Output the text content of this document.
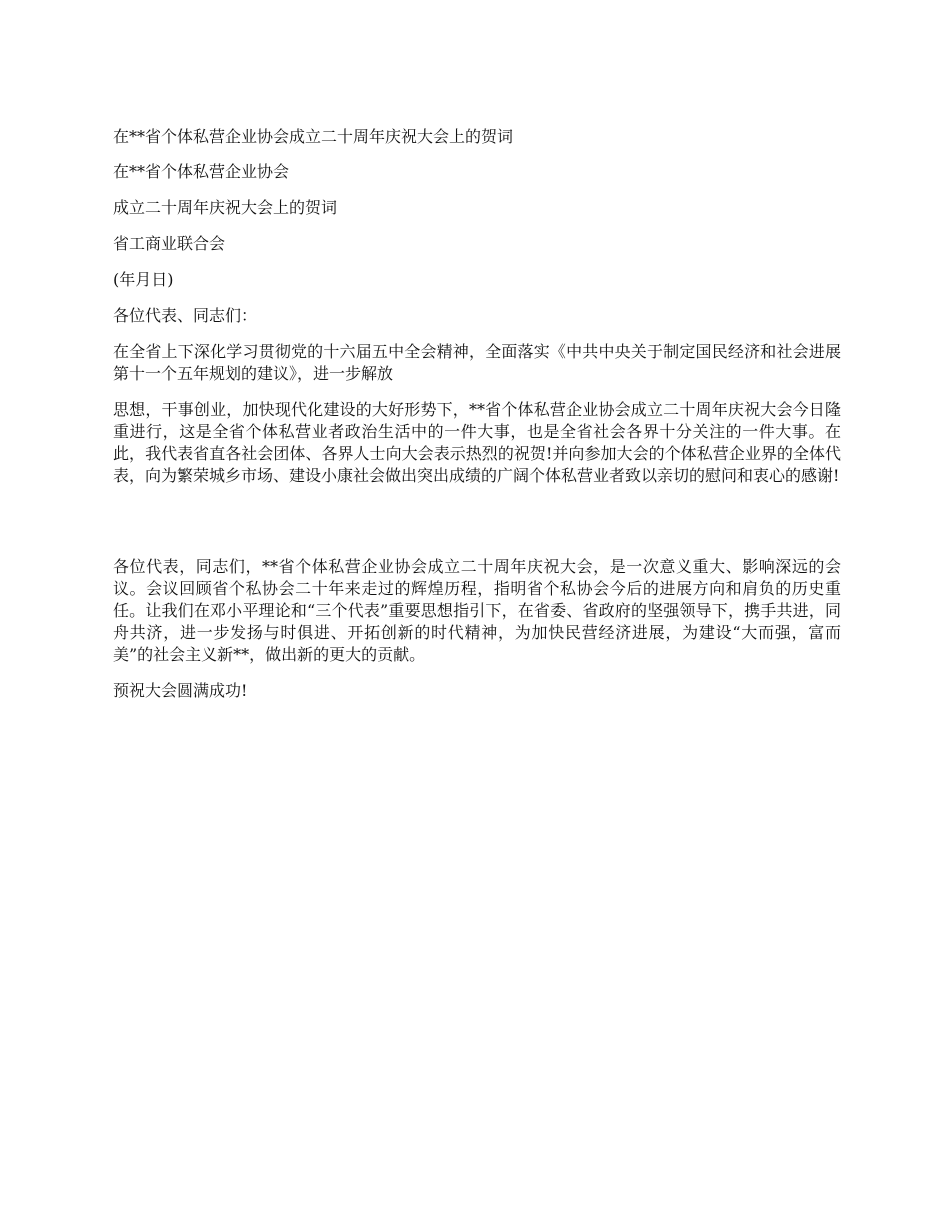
在**省个体私营企业协会成立二十周年庆祝大会上的贺词

在**省个体私营企业协会

成立二十周年庆祝大会上的贺词

省工商业联合会

(年月日)

各位代表、同志们：

在全省上下深化学习贯彻党的十六届五中全会精神，全面落实《中共中央关于制定国民经济和社会进展第十一个五年规划的建议》，进一步解放

思想，干事创业，加快现代化建设的大好形势下，**省个体私营企业协会成立二十周年庆祝大会今日隆重进行，这是全省个体私营业者政治生活中的一件大事，也是全省社会各界十分关注的一件大事。在此，我代表省直各社会团体、各界人士向大会表示热烈的祝贺!并向参加大会的个体私营企业界的全体代表，向为繁荣城乡市场、建设小康社会做出突出成绩的广阔个体私营业者致以亲切的慰问和衷心的感谢!

各位代表，同志们，**省个体私营企业协会成立二十周年庆祝大会，是一次意义重大、影响深远的会议。会议回顾省个私协会二十年来走过的辉煌历程，指明省个私协会今后的进展方向和肩负的历史重任。让我们在邓小平理论和“三个代表”重要思想指引下，在省委、省政府的坚强领导下，携手共进，同舟共济，进一步发扬与时俱进、开拓创新的时代精神，为加快民营经济进展，为建设“大而强，富而美”的社会主义新**，做出新的更大的贡献。

预祝大会圆满成功!
